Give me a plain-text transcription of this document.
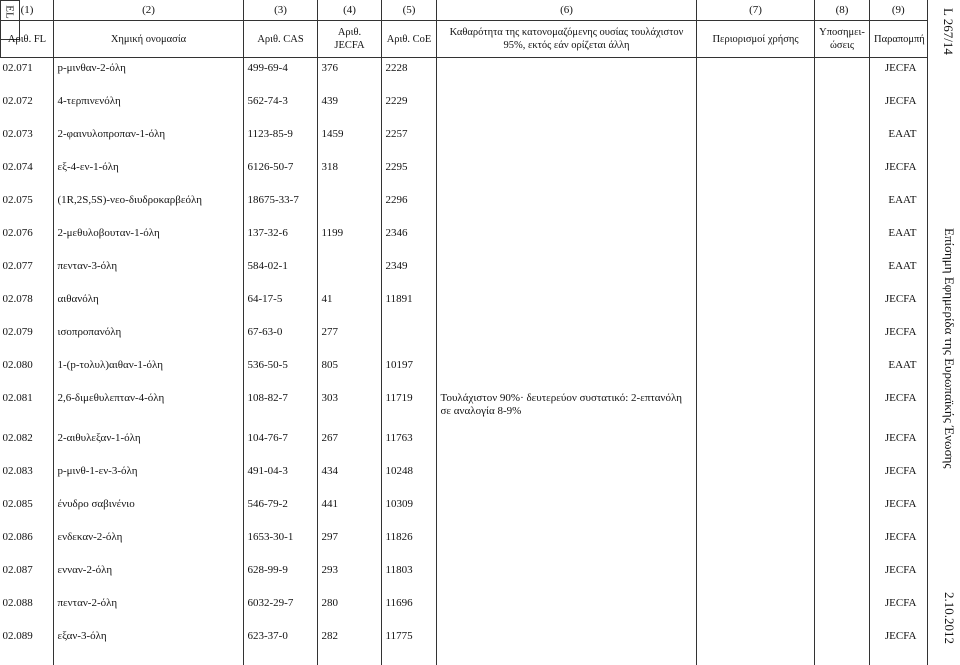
(1)	(2)	(3)	(4)	(5)	(6)	(7)	(8)	(9)
Αριθ. FL	Χημική ονομασία	Αριθ. CAS	Αριθ. JECFA	Αριθ. CoE	Καθαρότητα της κατονομαζόμενης ουσίας τουλάχιστον 95%, εκτός εάν ορίζεται άλλη	Περιορισμοί χρήσης	Υποσημει-ώσεις	Παραπομπή
02.071	p-μινθαν-2-όλη	499-69-4	376	2228				JECFA
02.072	4-τερπινενόλη	562-74-3	439	2229				JECFA
02.073	2-φαινυλοπροπαν-1-όλη	1123-85-9	1459	2257				EAAT
02.074	εξ-4-εν-1-όλη	6126-50-7	318	2295				JECFA
02.075	(1R,2S,5S)-νεο-διυδροκαρβεόλη	18675-33-7		2296				EAAT
02.076	2-μεθυλοβουταν-1-όλη	137-32-6	1199	2346				EAAT
02.077	πενταν-3-όλη	584-02-1		2349				EAAT
02.078	αιθανόλη	64-17-5	41	11891				JECFA
02.079	ισοπροπανόλη	67-63-0	277					JECFA
02.080	1-(p-τολυλ)αιθαν-1-όλη	536-50-5	805	10197				EAAT
02.081	2,6-διμεθυλεπταν-4-όλη	108-82-7	303	11719	Τουλάχιστον 90%· δευτερεύον συστατικό: 2-επτανόλη σε αναλογία 8-9%			JECFA
02.082	2-αιθυλεξαν-1-όλη	104-76-7	267	11763				JECFA
02.083	p-μινθ-1-εν-3-όλη	491-04-3	434	10248				JECFA
02.085	ένυδρο σαβινένιο	546-79-2	441	10309				JECFA
02.086	ενδεκαν-2-όλη	1653-30-1	297	11826				JECFA
02.087	ενναν-2-όλη	628-99-9	293	11803				JECFA
02.088	πενταν-2-όλη	6032-29-7	280	11696				JECFA
02.089	εξαν-3-όλη	623-37-0	282	11775				JECFA
L 267/14
EL
Επίσημη Εφημερίδα της Ευρωπαϊκής Ένωσης
2.10.2012
